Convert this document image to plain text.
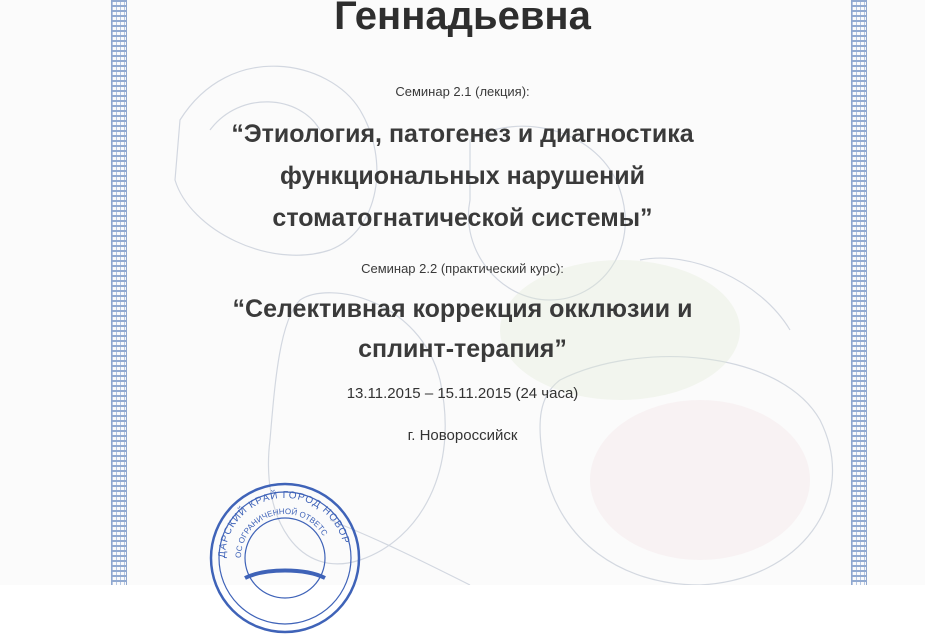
Геннадьевна
Семинар 2.1 (лекция):
“Этиология, патогенез и диагностика
функциональных нарушений
стоматогнатической системы”
Семинар 2.2 (практический курс):
“Селективная коррекция окклюзии и
сплинт-терапия”
13.11.2015 – 15.11.2015 (24 часа)
г. Новороссийск
ДАРСКИЙ КРАЙ ГОРОД НОВОР
ОС ОГРАНИЧЕННОЙ ОТВЕТС
